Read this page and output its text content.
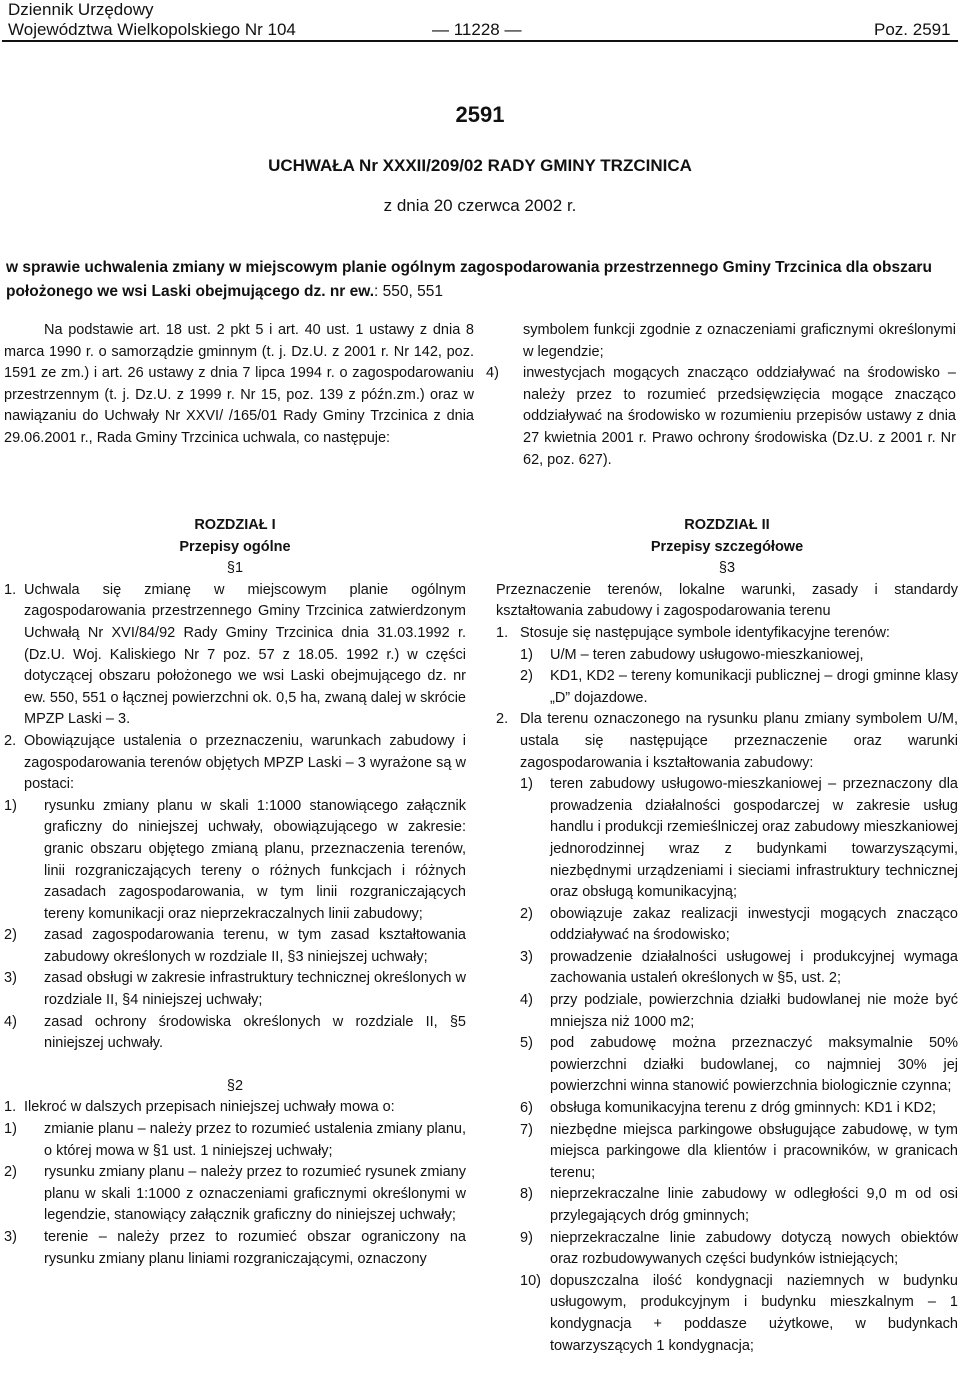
Dziennik Urzędowy
Województwa Wielkopolskiego Nr 104	— 11228 —	Poz. 2591
2591
UCHWAŁA Nr XXXII/209/02 RADY GMINY TRZCINICA
z dnia 20 czerwca 2002 r.
w sprawie uchwalenia zmiany w miejscowym planie ogólnym zagospodarowania przestrzennego Gminy Trzcinica dla obszaru położonego we wsi Laski obejmującego dz. nr ew.: 550, 551
Na podstawie art. 18 ust. 2 pkt 5 i art. 40 ust. 1 ustawy z dnia 8 marca 1990 r. o samorządzie gminnym (t. j. Dz.U. z 2001 r. Nr 142, poz. 1591 ze zm.) i art. 26 ustawy z dnia 7 lipca 1994 r. o zagospodarowaniu przestrzennym (t. j. Dz.U. z 1999 r. Nr 15, poz. 139 z późn.zm.) oraz w nawiązaniu do Uchwały Nr XXVI/ /165/01 Rady Gminy Trzcinica z dnia 29.06.2001 r., Rada Gminy Trzcinica uchwala, co następuje:

symbolem funkcji zgodnie z oznaczeniami graficznymi określonymi w legendzie;

4)	inwestycjach mogących znacząco oddziaływać na środowisko – należy przez to rozumieć przedsięwzięcia mogące znacząco oddziaływać na środowisko w rozumieniu przepisów ustawy z dnia 27 kwietnia 2001 r. Prawo ochrony środowiska (Dz.U. z 2001 r. Nr 62, poz. 627).

ROZDZIAŁ I

Przepisy ogólne

§1

1. Uchwala się zmianę w miejscowym planie ogólnym zagospodarowania przestrzennego Gminy Trzcinica zatwierdzonym Uchwałą Nr XVI/84/92 Rady Gminy Trzcinica dnia 31.03.1992 r. (Dz.U. Woj. Kaliskiego Nr 7 poz. 57 z 18.05. 1992 r.) w części dotyczącej obszaru położonego we wsi Laski obejmującego dz. nr ew. 550, 551 o łącznej powierzchni ok. 0,5 ha, zwaną dalej w skrócie MPZP Laski – 3.
2. Obowiązujące ustalenia o przeznaczeniu, warunkach zabudowy i zagospodarowania terenów objętych MPZP Laski – 3 wyrażone są w postaci:
1)	rysunku zmiany planu w skali 1:1000 stanowiącego załącznik graficzny do niniejszej uchwały, obowiązującego w zakresie: granic obszaru objętego zmianą planu, przeznaczenia terenów, linii rozgraniczających tereny o różnych funkcjach i różnych zasadach zagospodarowania, w tym linii rozgraniczających tereny komunikacji oraz nieprzekraczalnych linii zabudowy;
2)	zasad zagospodarowania terenu, w tym zasad kształtowania zabudowy określonych w rozdziale II, §3 niniejszej uchwały;
3)	zasad obsługi w zakresie infrastruktury technicznej określonych w rozdziale II, §4 niniejszej uchwały;
4)	zasad ochrony środowiska określonych w rozdziale II, §5 niniejszej uchwały.

§2

1. Ilekroć w dalszych przepisach niniejszej uchwały mowa o:
1)	zmianie planu – należy przez to rozumieć ustalenia zmiany planu, o której mowa w §1 ust. 1 niniejszej uchwały;
2)	rysunku zmiany planu – należy przez to rozumieć rysunek zmiany planu w skali 1:1000 z oznaczeniami graficznymi określonymi w legendzie, stanowiący załącznik graficzny do niniejszej uchwały;
3)	terenie – należy przez to rozumieć obszar ograniczony na rysunku zmiany planu liniami rozgraniczającymi, oznaczony

ROZDZIAŁ II

Przepisy szczegółowe

§3

Przeznaczenie terenów, lokalne warunki, zasady i standardy kształtowania zabudowy i zagospodarowania terenu

1. Stosuje się następujące symbole identyfikacyjne terenów:
1)	U/M – teren zabudowy usługowo-mieszkaniowej,
2)	KD1, KD2 – tereny komunikacji publicznej – drogi gminne klasy „D” dojazdowe.
2. Dla terenu oznaczonego na rysunku planu zmiany symbolem U/M, ustala się następujące przeznaczenie oraz warunki zagospodarowania i kształtowania zabudowy:
1)	teren zabudowy usługowo-mieszkaniowej – przeznaczony dla prowadzenia działalności gospodarczej w zakresie usług handlu i produkcji rzemieślniczej oraz zabudowy mieszkaniowej jednorodzinnej wraz z budynkami towarzyszącymi, niezbędnymi urządzeniami i sieciami infrastruktury technicznej oraz obsługą komunikacyjną;
2)	obowiązuje zakaz realizacji inwestycji mogących znacząco oddziaływać na środowisko;
3)	prowadzenie działalności usługowej i produkcyjnej wymaga zachowania ustaleń określonych w §5, ust. 2;
4)	przy podziale, powierzchnia działki budowlanej nie może być mniejsza niż 1000 m2;
5)	pod zabudowę można przeznaczyć maksymalnie 50% powierzchni działki budowlanej, co najmniej 30% jej powierzchni winna stanowić powierzchnia biologicznie czynna;
6)	obsługa komunikacyjna terenu z dróg gminnych: KD1 i KD2;
7)	niezbędne miejsca parkingowe obsługujące zabudowę, w tym miejsca parkingowe dla klientów i pracowników, w granicach terenu;
8)	nieprzekraczalne linie zabudowy w odległości 9,0 m od osi przylegających dróg gminnych;
9)	nieprzekraczalne linie zabudowy dotyczą nowych obiektów oraz rozbudowywanych części budynków istniejących;
10) dopuszczalna ilość kondygnacji naziemnych w budynku usługowym, produkcyjnym i budynku mieszkalnym – 1 kondygnacja + poddasze użytkowe, w budynkach towarzyszących 1 kondygnacja;
